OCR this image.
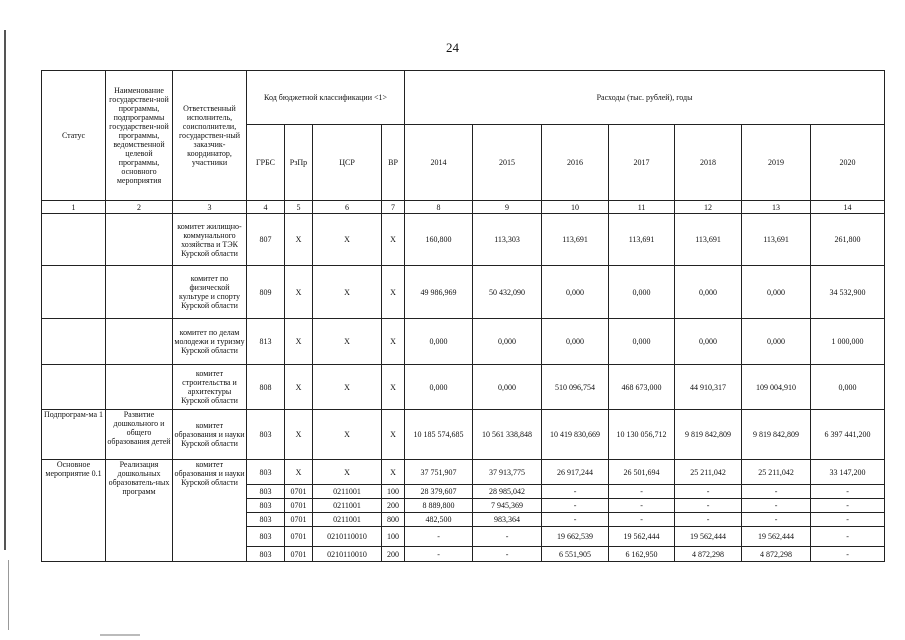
24
Статус	Наименование государствен-ной программы, подпрограммы государствен-ной программы, ведомственной целевой программы, основного мероприятия	Ответственный исполнитель, соисполнители, государствен-ный заказчик-координатор, участники	Код бюджетной классификации <1>				Расходы (тыс. рублей), годы						
			ГРБС	РзПр	ЦСР	ВР	2014	2015	2016	2017	2018	2019	2020
1	2	3	4	5	6	7	8	9	10	11	12	13	14
		комитет жилищно-коммунального хозяйства и ТЭК Курской области	807	Х	Х	Х	160,800	113,303	113,691	113,691	113,691	113,691	261,800
		комитет по физической культуре и спорту Курской области	809	Х	Х	Х	49 986,969	50 432,090	0,000	0,000	0,000	0,000	34 532,900
		комитет по делам молодежи и туризму Курской области	813	Х	Х	Х	0,000	0,000	0,000	0,000	0,000	0,000	1 000,000
		комитет строительства и архитектуры Курской области	808	Х	Х	Х	0,000	0,000	510 096,754	468 673,000	44 910,317	109 004,910	0,000
Подпрограм-ма 1	Развитие дошкольного и общего образования детей	комитет образования и науки Курской области	803	Х	Х	Х	10 185 574,685	10 561 338,848	10 419 830,669	10 130 056,712	9 819 842,809	9 819 842,809	6 397 441,200
Основное мероприятие 0.1	Реализация дошкольных образователь-ных программ	комитет образования и науки Курской области	803	Х	Х	Х	37 751,907	37 913,775	26 917,244	26 501,694	25 211,042	25 211,042	33 147,200
			803	0701	0211001	100	28 379,607	28 985,042	-	-	-	-	-
			803	0701	0211001	200	8 889,800	7 945,369	-	-	-	-	-
			803	0701	0211001	800	482,500	983,364	-	-	-	-	-
			803	0701	0210110010	100	-	-	19 662,539	19 562,444	19 562,444	19 562,444	-
			803	0701	0210110010	200	-	-	6 551,905	6 162,950	4 872,298	4 872,298	-
